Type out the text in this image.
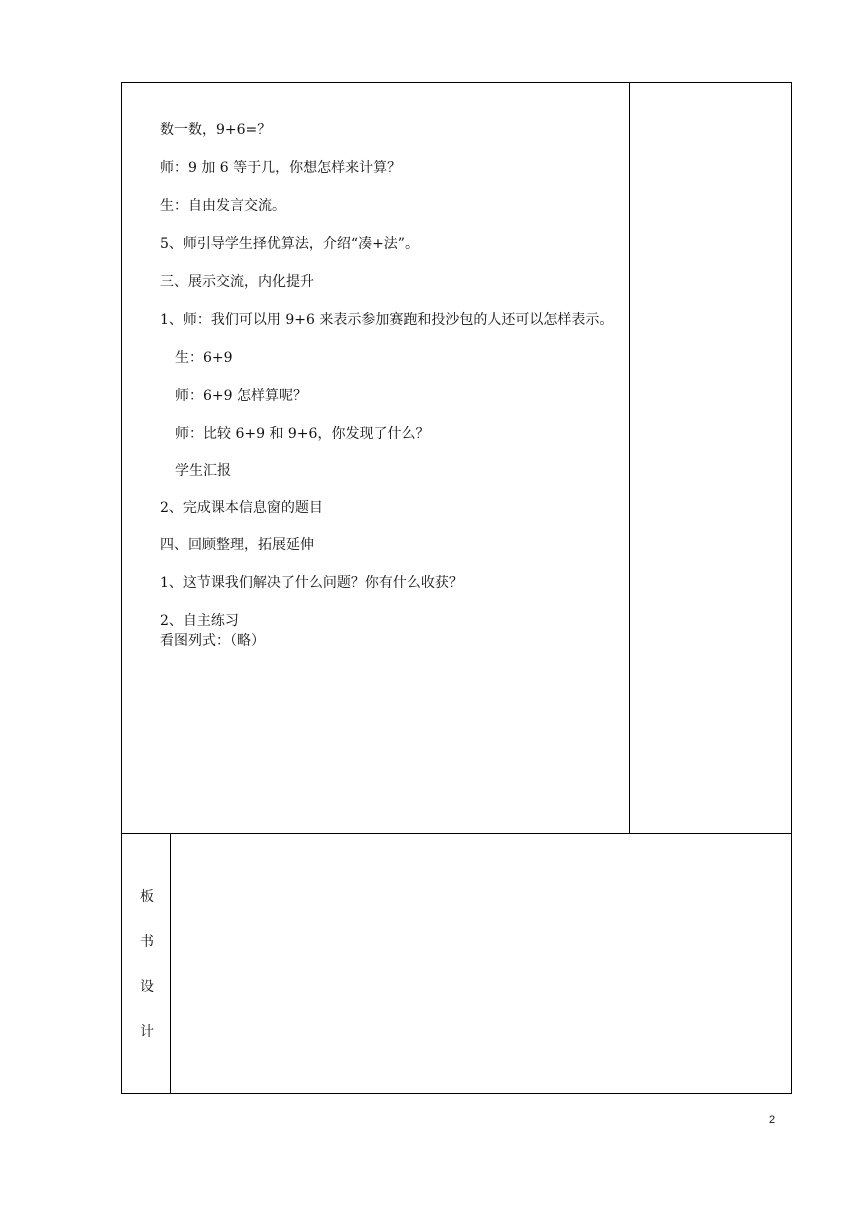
数一数，9+6=？
师：9 加 6 等于几，你想怎样来计算？
生：自由发言交流。
5、师引导学生择优算法，介绍“凑+法”。
三、展示交流，内化提升
1、师：我们可以用 9+6 来表示参加赛跑和投沙包的人还可以怎样表示。
生：6+9
师：6+9 怎样算呢？
师：比较 6+9 和 9+6，你发现了什么？
学生汇报
2、完成课本信息窗的题目
四、回顾整理，拓展延伸
1、这节课我们解决了什么问题？你有什么收获？
2、自主练习
看图列式：（略）
板
书
设
计
2
